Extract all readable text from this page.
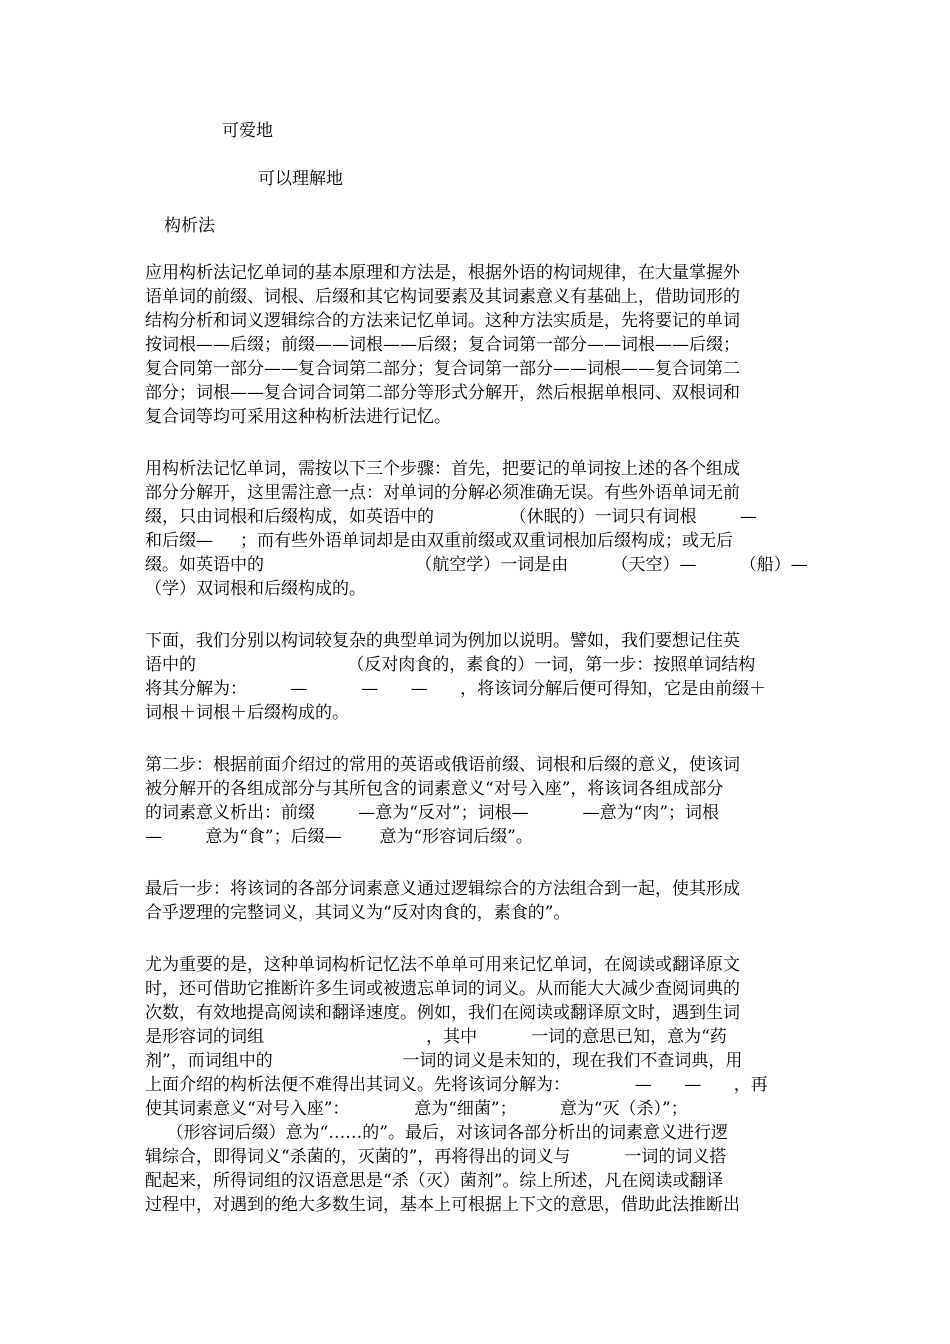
可爱地
可以理解地
构析法
应用构析法记忆单词的基本原理和方法是，根据外语的构词规律，在大量掌握外
语单词的前缀、词根、后缀和其它构词要素及其词素意义有基础上，借助词形的
结构分析和词义逻辑综合的方法来记忆单词。这种方法实质是，先将要记的单词
按词根——后缀；前缀——词根——后缀；复合词第一部分——词根——后缀；
复合同第一部分——复合词第二部分；复合词第一部分——词根——复合词第二
部分；词根——复合词合词第二部分等形式分解开，然后根据单根同、双根词和
复合词等均可采用这种构析法进行记忆。
用构析法记忆单词，需按以下三个步骤：首先，把要记的单词按上述的各个组成
部分分解开，这里需注意一点：对单词的分解必须准确无误。有些外语单词无前
缀，只由词根和后缀构成，如英语中的              （休眠的）一词只有词根        —
和后缀—     ；而有些外语单词却是由双重前缀或双重词根加后缀构成；或无后
缀。如英语中的                            （航空学）一词是由        （天空）—        （船）—
（学）双词根和后缀构成的。
下面，我们分别以构词较复杂的典型单词为例加以说明。譬如，我们要想记住英
语中的                            （反对肉食的，素食的）一词，第一步：按照单词结构
将其分解为：        —          —      —      ，将该词分解后便可得知，它是由前缀＋
词根＋词根＋后缀构成的。
第二步：根据前面介绍过的常用的英语或俄语前缀、词根和后缀的意义，使该词
被分解开的各组成部分与其所包含的词素意义“对号入座”，将该词各组成部分
的词素意义析出：前缀        —意为“反对”；词根—          —意为“肉”；词根
—        意为“食”；后缀—       意为“形容词后缀”。
最后一步：将该词的各部分词素意义通过逻辑综合的方法组合到一起，使其形成
合乎逻理的完整词义，其词义为“反对肉食的，素食的”。
尤为重要的是，这种单词构析记忆法不单单可用来记忆单词，在阅读或翻译原文
时，还可借助它推断许多生词或被遗忘单词的词义。从而能大大减少查阅词典的
次数，有效地提高阅读和翻译速度。例如，我们在阅读或翻译原文时，遇到生词
是形容词的词组                              ，其中          一词的意思已知，意为“药
剂”，而词组中的                        一词的词义是未知的，现在我们不查词典，用
上面介绍的构析法便不难得出其词义。先将该词分解为：            —      —      ，再
使其词素意义“对号入座”：            意为“细菌”；        意为“灭（杀）”；
（形容词后缀）意为“……的”。最后，对该词各部分析出的词素意义进行逻
辑综合，即得词义“杀菌的，灭菌的”，再将得出的词义与          一词的词义搭
配起来，所得词组的汉语意思是“杀（灭）菌剂”。综上所述，凡在阅读或翻译
过程中，对遇到的绝大多数生词，基本上可根据上下文的意思，借助此法推断出
